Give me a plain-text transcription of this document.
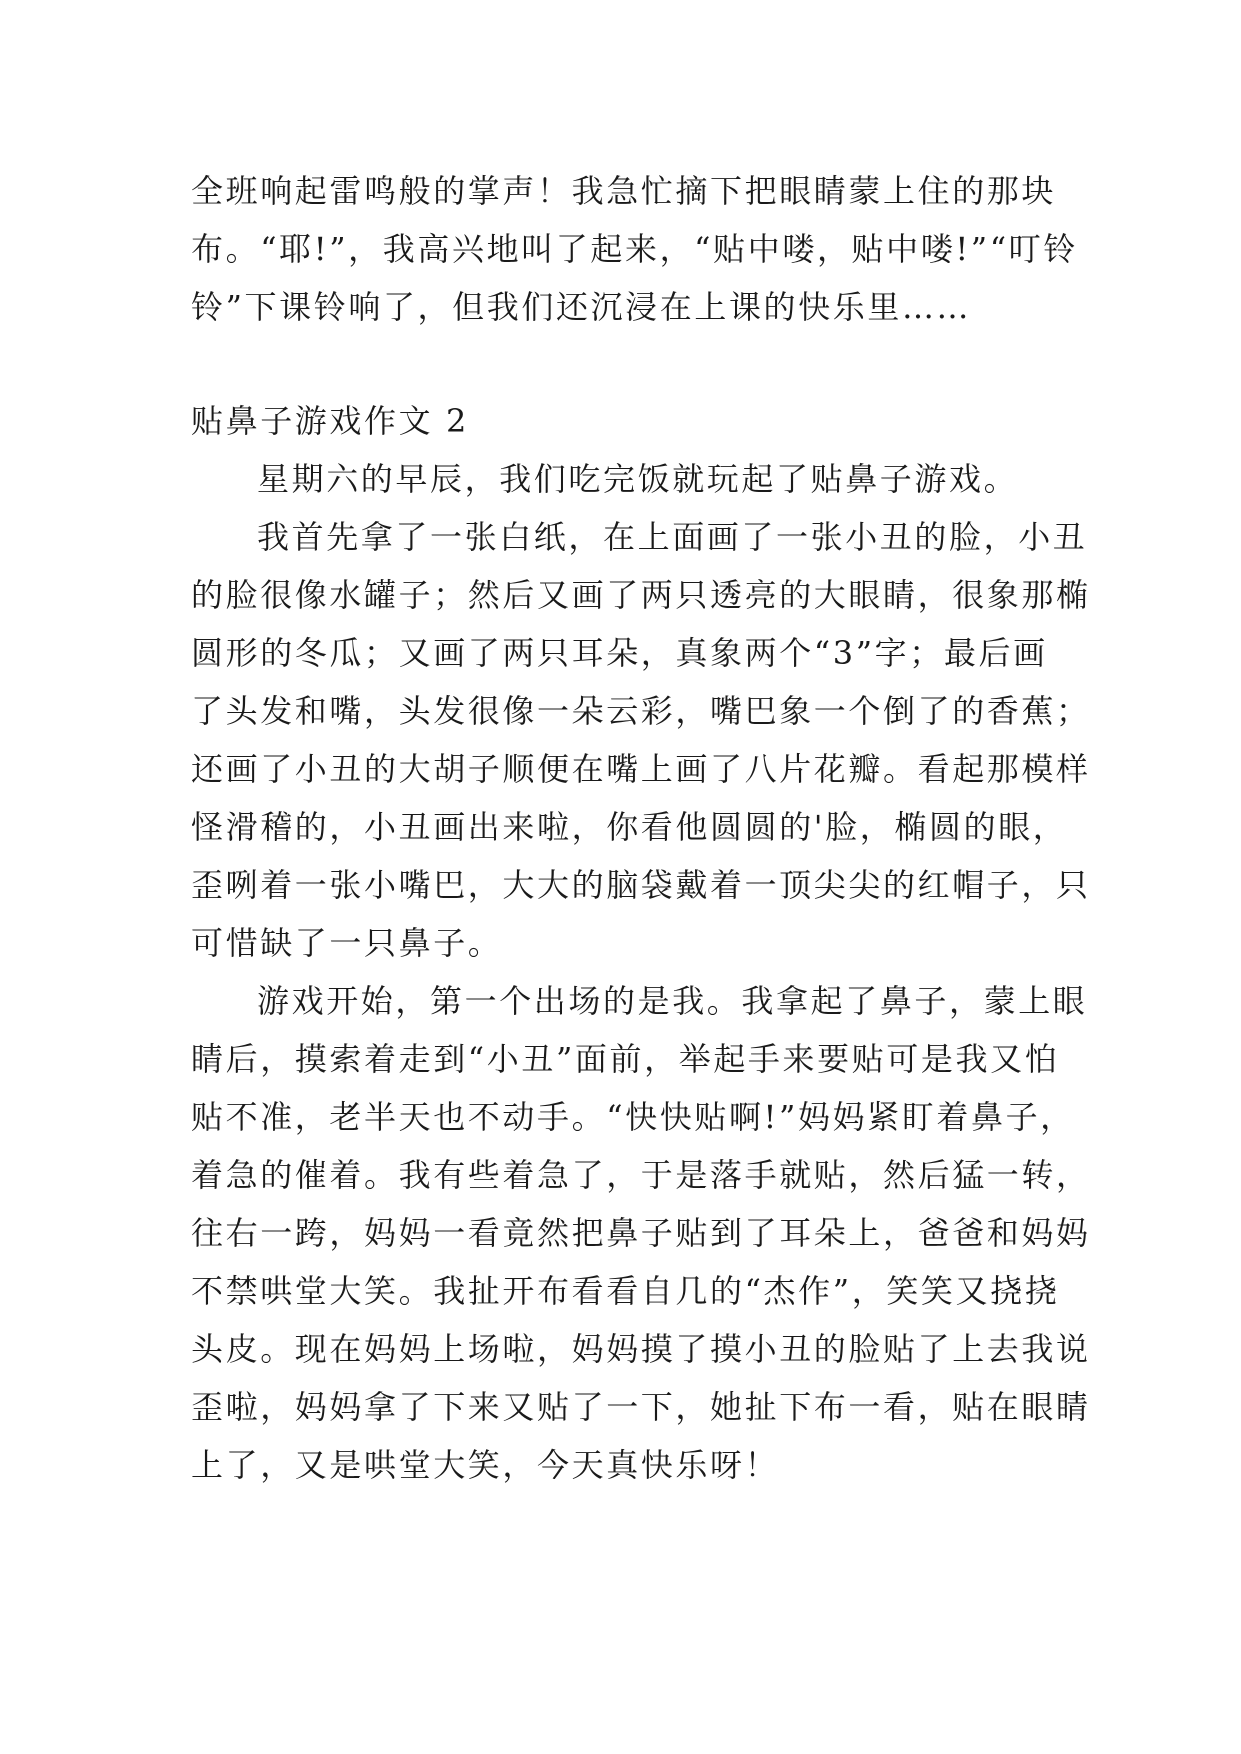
全班响起雷鸣般的掌声！我急忙摘下把眼睛蒙上住的那块
布。“耶!”，我高兴地叫了起来，“贴中喽，贴中喽!”“叮铃
铃”下课铃响了，但我们还沉浸在上课的快乐里……
贴鼻子游戏作文 2
星期六的早辰，我们吃完饭就玩起了贴鼻子游戏。
我首先拿了一张白纸，在上面画了一张小丑的脸，小丑
的脸很像水罐子；然后又画了两只透亮的大眼睛，很象那椭
圆形的冬瓜；又画了两只耳朵，真象两个“3”字；最后画
了头发和嘴，头发很像一朵云彩，嘴巴象一个倒了的香蕉；
还画了小丑的大胡子顺便在嘴上画了八片花瓣。看起那模样
怪滑稽的，小丑画出来啦，你看他圆圆的'脸，椭圆的眼，
歪咧着一张小嘴巴，大大的脑袋戴着一顶尖尖的红帽子，只
可惜缺了一只鼻子。
游戏开始，第一个出场的是我。我拿起了鼻子，蒙上眼
睛后，摸索着走到“小丑”面前，举起手来要贴可是我又怕
贴不准，老半天也不动手。“快快贴啊!”妈妈紧盯着鼻子，
着急的催着。我有些着急了，于是落手就贴，然后猛一转，
往右一跨，妈妈一看竟然把鼻子贴到了耳朵上，爸爸和妈妈
不禁哄堂大笑。我扯开布看看自几的“杰作”，笑笑又挠挠
头皮。现在妈妈上场啦，妈妈摸了摸小丑的脸贴了上去我说
歪啦，妈妈拿了下来又贴了一下，她扯下布一看，贴在眼睛
上了，又是哄堂大笑，今天真快乐呀！
